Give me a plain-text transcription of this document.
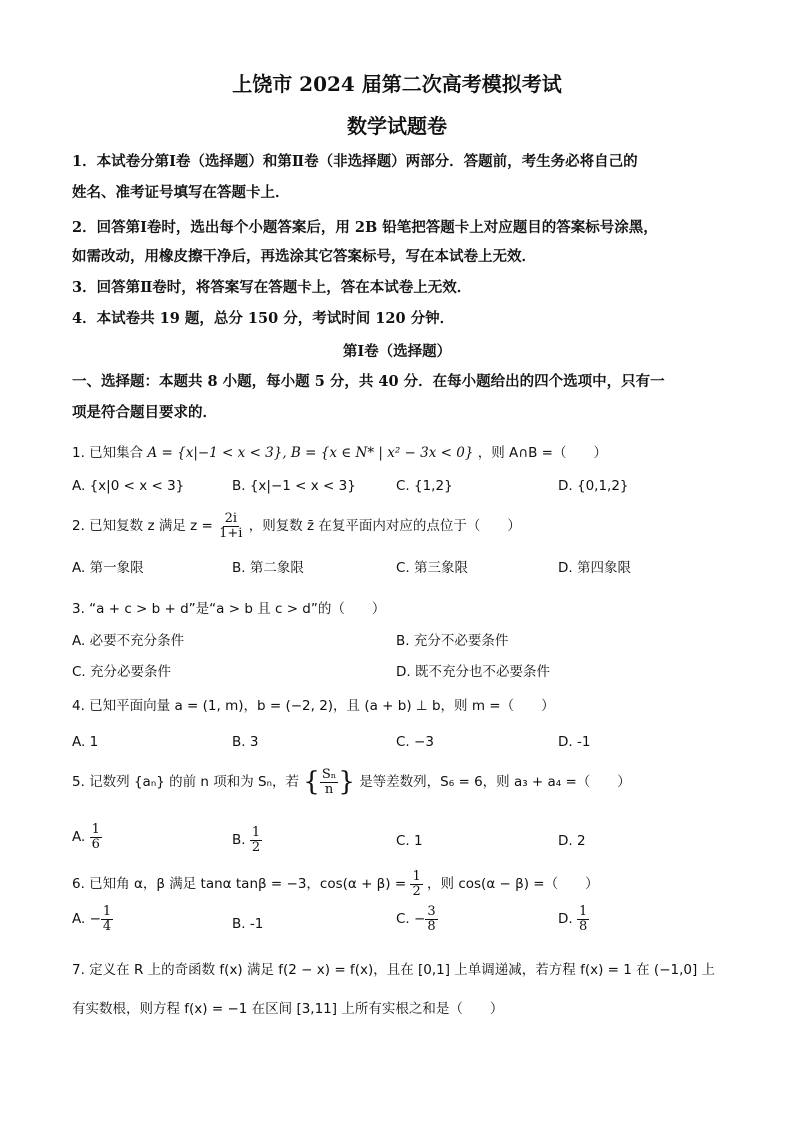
上饶市 2024 届第二次高考模拟考试
数学试题卷
1．本试卷分第Ⅰ卷（选择题）和第Ⅱ卷（非选择题）两部分．答题前，考生务必将自己的
姓名、准考证号填写在答题卡上．
2．回答第Ⅰ卷时，选出每个小题答案后，用 2B 铅笔把答题卡上对应题目的答案标号涂黑，
如需改动，用橡皮擦干净后，再选涂其它答案标号，写在本试卷上无效．
3．回答第Ⅱ卷时，将答案写在答题卡上，答在本试卷上无效．
4．本试卷共 19 题，总分 150 分，考试时间 120 分钟．
第Ⅰ卷（选择题）
一、选择题：本题共 8 小题，每小题 5 分，共 40 分．在每小题给出的四个选项中，只有一
项是符合题目要求的．
1. 已知集合 A = {x|−1 < x < 3}, B = {x ∈ N* | x² − 3x < 0} ，则 A∩B =（　　）
A. {x|0 < x < 3}	B. {x|−1 < x < 3}	C. {1,2}	D. {0,1,2}
2. 已知复数 z 满足 $z = \frac{2i}{1+i}$ ，则复数 z̄ 在复平面内对应的点位于（　　）
A. 第一象限	B. 第二象限	C. 第三象限	D. 第四象限
3. “a + c > b + d”是“a > b 且 c > d”的（　　）
A. 必要不充分条件	B. 充分不必要条件
C. 充分必要条件	D. 既不充分也不必要条件
4. 已知平面向量 a = (1, m)，b = (−2, 2)，且 (a + b) ⊥ b，则 m =（　　）
A. 1	B. 3	C. −3	D. -1
5. 记数列 {aₙ} 的前 n 项和为 Sₙ，若 { $\frac{\text{Sₙ}}{n}$ } 是等差数列，S₆ = 6，则 a₃ + a₄ =（　　）
A. $\frac{1}{6}$	B. $\frac{1}{2}$	C. 1	D. 2
6. 已知角 α，β 满足 tanα tanβ = −3，$\cos(\alpha + \beta) = \frac{1}{2}$ ，则 cos(α − β) =（　　）
A. − $\frac{1}{4}$	B. -1	C. − $\frac{3}{8}$	D. $\frac{1}{8}$
7. 定义在 R 上的奇函数 f(x) 满足 f(2 − x) = f(x)，且在 [0,1] 上单调递减，若方程 f(x) = 1 在 (−1,0] 上
有实数根，则方程 f(x) = −1 在区间 [3,11] 上所有实根之和是（　　）
